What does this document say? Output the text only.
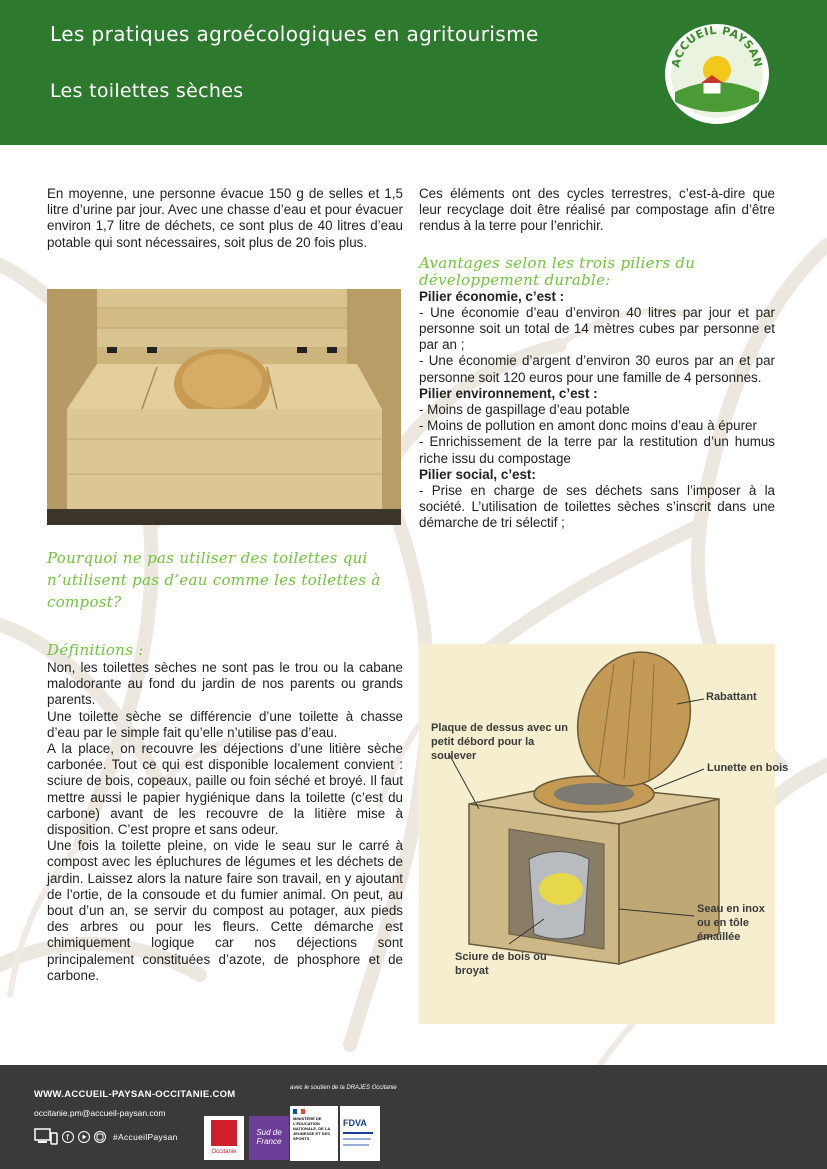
Les pratiques agroécologiques en agritourisme
Les toilettes sèches
ACCUEIL PAYSAN

En moyenne, une personne évacue 150 g de selles et 1,5 litre d’urine par jour. Avec une chasse d’eau et pour évacuer environ 1,7 litre de déchets, ce sont plus de 40 litres d’eau potable qui sont nécessaires, soit plus de 20 fois plus.

Pourquoi ne pas utiliser des toilettes qui n’utilisent pas d’eau comme les toilettes à compost?

Définitions :

Non, les toilettes sèches ne sont pas le trou ou la cabane malodorante au fond du jardin de nos parents ou grands parents.

Une toilette sèche se différencie d’une toilette à chasse d’eau par le simple fait qu’elle n’utilise pas d’eau.

A la place, on recouvre les déjections d’une litière sèche carbonée. Tout ce qui est disponible localement convient : sciure de bois, copeaux, paille ou foin séché et broyé. Il faut mettre aussi le papier hygiénique dans la toilette (c’est du carbone) avant de les recouvre de la litière mise à disposition. C’est propre et sans odeur.

Une fois la toilette pleine, on vide le seau sur le carré à compost avec les épluchures de légumes et les déchets de jardin. Laissez alors la nature faire son travail, en y ajoutant de l’ortie, de la consoude et du fumier animal. On peut, au bout d’un an, se servir du compost au potager, aux pieds des arbres ou pour les fleurs. Cette démarche est chimiquement logique car nos déjections sont principalement constituées d’azote, de phosphore et de carbone.

Ces éléments ont des cycles terrestres, c’est-à-dire que leur recyclage doit être réalisé par compostage afin d’être rendus à la terre pour l’enrichir.

Avantages selon les trois piliers du développement durable:

Pilier économie, c’est :

- Une économie d’eau d’environ 40 litres par jour et par personne soit un total de 14 mètres cubes par personne et par an ;

- Une économie d’argent d’environ 30 euros par an et par personne soit 120 euros pour une famille de 4 personnes.

Pilier environnement, c’est :

- Moins de gaspillage d’eau potable

- Moins de pollution en amont donc moins d’eau à épurer

- Enrichissement de la terre par la restitution d’un humus riche issu du compostage

Pilier social, c’est:

- Prise en charge de ses déchets sans l’imposer à la société. L’utilisation de toilettes sèches s’inscrit dans une démarche de tri sélectif ;

Rabattant
Plaque de dessus avec un petit débord pour la soulever
Lunette en bois
Seau en inox ou en tôle émaillée
Sciure de bois ou broyat
WWW.ACCUEIL-PAYSAN-OCCITANIE.COM
occitanie.pm@accueil-paysan.com
f	#AccueilPaysan
avec le soutien de la DRAJES Occitanie
Occitanie
Sud de France
MINISTÈRE DE L’ÉDUCATION NATIONALE, DE LA JEUNESSE ET DES SPORTS
FDVA
